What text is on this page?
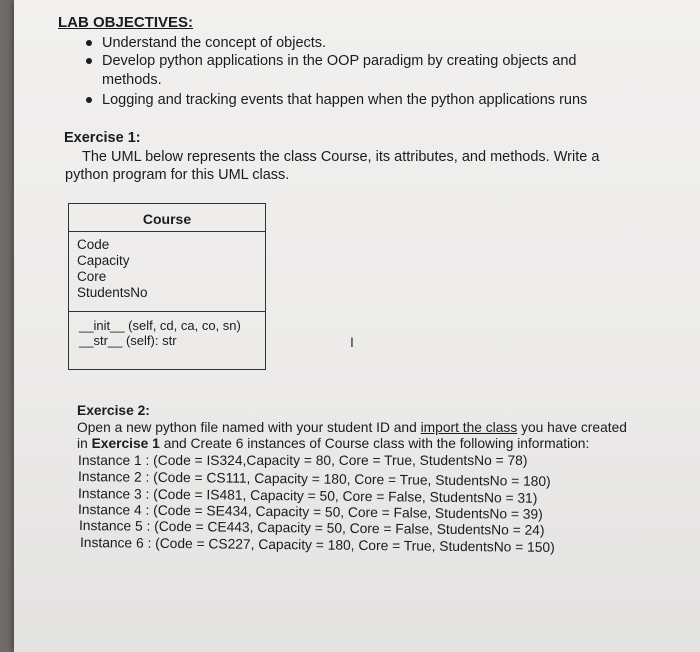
LAB OBJECTIVES:
Understand the concept of objects.
Develop python applications in the OOP paradigm by creating objects and
methods.
Logging and tracking events that happen when the python applications runs
Exercise 1:
The UML below represents the class Course, its attributes, and methods. Write a
python program for this UML class.
Course
Code
Capacity
Core
StudentsNo
__init__ (self, cd, ca, co, sn)
__str__ (self): str	I
Exercise 2:
Open a new python file named with your student ID and import the class you have created
in Exercise 1 and Create 6 instances of Course class with the following information:
Instance 1 : (Code = IS324,Capacity = 80, Core = True, StudentsNo = 78)
Instance 2 : (Code = CS111, Capacity = 180, Core = True, StudentsNo = 180)
Instance 3 : (Code = IS481, Capacity = 50, Core = False, StudentsNo = 31)
Instance 4 : (Code = SE434, Capacity = 50, Core = False, StudentsNo = 39)
Instance 5 : (Code = CE443, Capacity = 50, Core = False, StudentsNo = 24)
Instance 6 : (Code = CS227, Capacity = 180, Core = True, StudentsNo = 150)
